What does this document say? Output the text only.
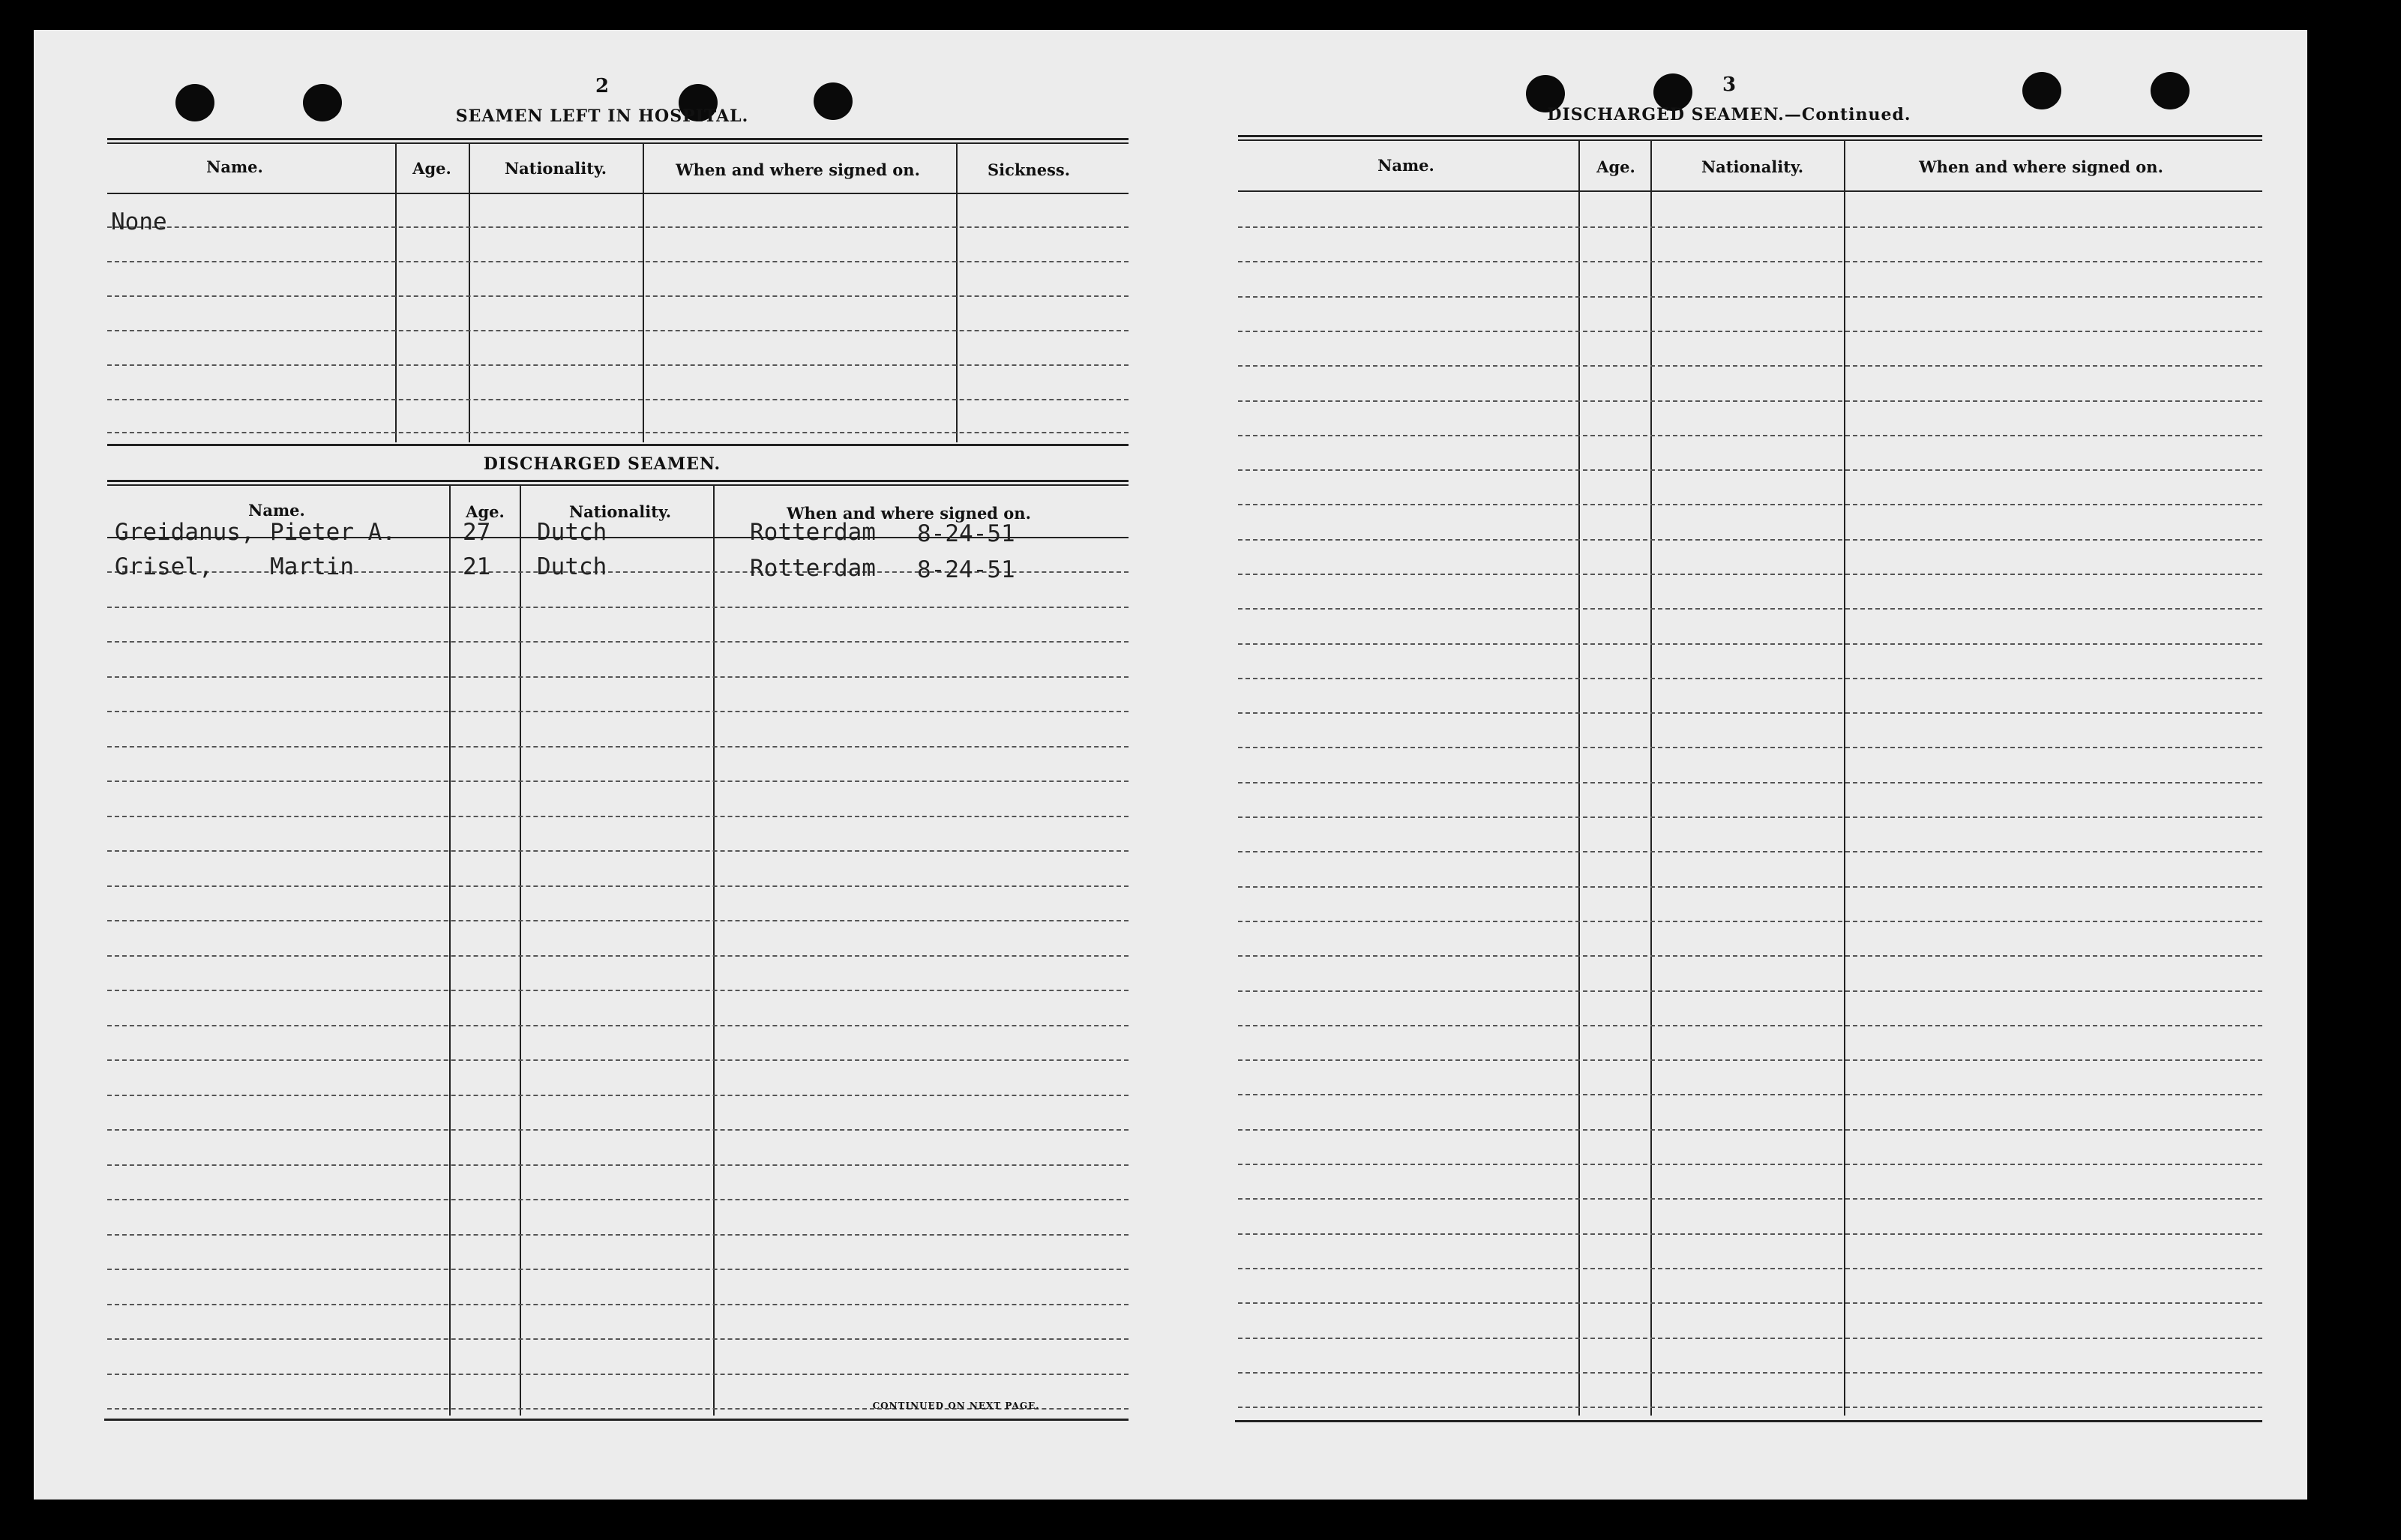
2
SEAMEN LEFT IN HOSPITAL.
Name.	Age.	Nationality.	When and where signed on.	Sickness.
None
DISCHARGED SEAMEN.
Name.	Age.	Nationality.	When and where signed on.
Greidanus, Pieter A.	27 Dutch	Rotterdam 8-24-51
Grisel, Martin	21 Dutch	Rotterdam 8-24-51
CONTINUED ON NEXT PAGE.
3
DISCHARGED SEAMEN.—Continued.
Name.	Age.	Nationality.	When and where signed on.
